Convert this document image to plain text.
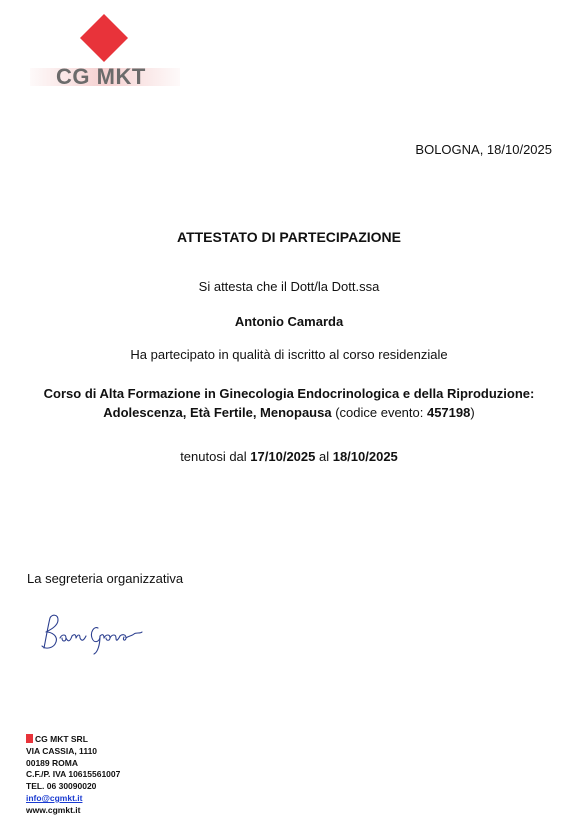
CG MKT
BOLOGNA, 18/10/2025
ATTESTATO DI PARTECIPAZIONE
Si attesta che il Dott/la Dott.ssa
Antonio Camarda
Ha partecipato in qualità di iscritto al corso residenziale
Corso di Alta Formazione in Ginecologia Endocrinologica e della Riproduzione:
Adolescenza, Età Fertile, Menopausa (codice evento: 457198)
tenutosi dal 17/10/2025 al 18/10/2025
La segreteria organizzativa
CG MKT SRL
VIA CASSIA, 1110
00189 ROMA
C.F./P. IVA 10615561007
TEL. 06 30090020
info@cgmkt.it
www.cgmkt.it
